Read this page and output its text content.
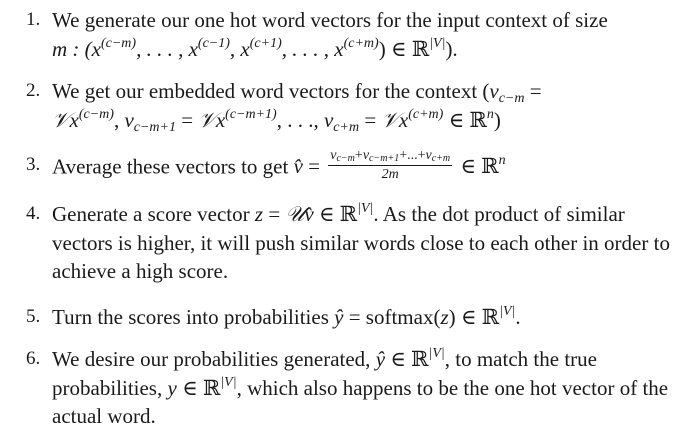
1. We generate our one hot word vectors for the input context of size
m : ($x^{(c-m)}$, . . . , $x^{(c-1)}$, $x^{(c+1)}$, . . . , $x^{(c+m)}$) ∈ ℝ$^{|V|}$).
2. We get our embedded word vectors for the context ($v_{c-m}$ =
𝒱x$^{(c-m)}$, $v_{c-m+1}$ = 𝒱x$^{(c-m+1)}$, . . ., $v_{c+m}$ = 𝒱x$^{(c+m)}$ ∈ ℝ$^n$)
3. Average these vectors to get v̂ = $\frac{v_{c-m}+v_{c-m+1}+...+v_{c+m}}{2m}$ ∈ ℝ$^n$
4. Generate a score vector z = 𝒰v̂ ∈ ℝ$^{|V|}$. As the dot product of similar vectors is higher, it will push similar words close to each other in order to achieve a high score.
5. Turn the scores into probabilities ŷ = softmax(z) ∈ ℝ$^{|V|}$.
6. We desire our probabilities generated, ŷ ∈ ℝ$^{|V|}$, to match the true probabilities, y ∈ ℝ$^{|V|}$, which also happens to be the one hot vector of the actual word.
